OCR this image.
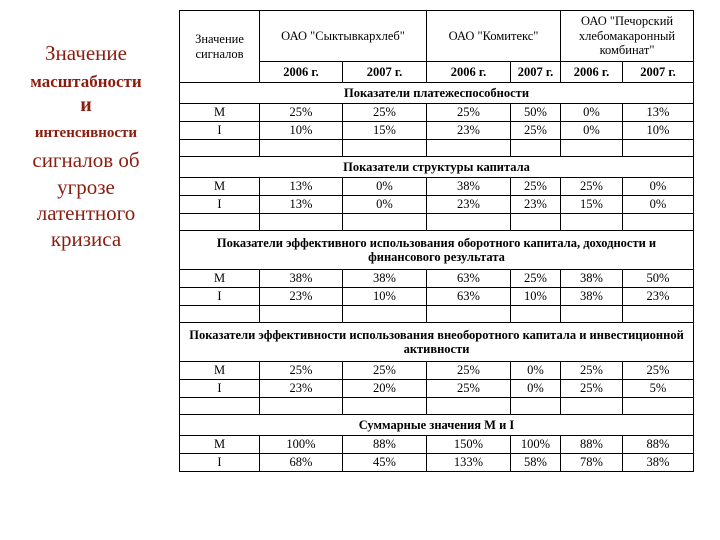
Значение
масштабности
и
интенсивности
сигналов об
угрозе
латентного
кризиса
Значение сигналов	ОАО "Сыктывкархлеб"		ОАО "Комитекс"		ОАО "Печорский хлебомакаронный комбинат"	
	2006 г.	2007 г.	2006 г.	2007 г.	2006 г.	2007 г.
Показатели платежеспособности						
М	25%	25%	25%	50%	0%	13%
I	10%	15%	23%	25%	0%	10%

Показатели структуры капитала						
М	13%	0%	38%	25%	25%	0%
I	13%	0%	23%	23%	15%	0%

Показатели эффективного использования оборотного капитала, доходности и финансового результата						
М	38%	38%	63%	25%	38%	50%
I	23%	10%	63%	10%	38%	23%

Показатели эффективности использования внеоборотного капитала и инвестиционной активности						
М	25%	25%	25%	0%	25%	25%
I	23%	20%	25%	0%	25%	5%

Суммарные значения М и I						
М	100%	88%	150%	100%	88%	88%
I	68%	45%	133%	58%	78%	38%
